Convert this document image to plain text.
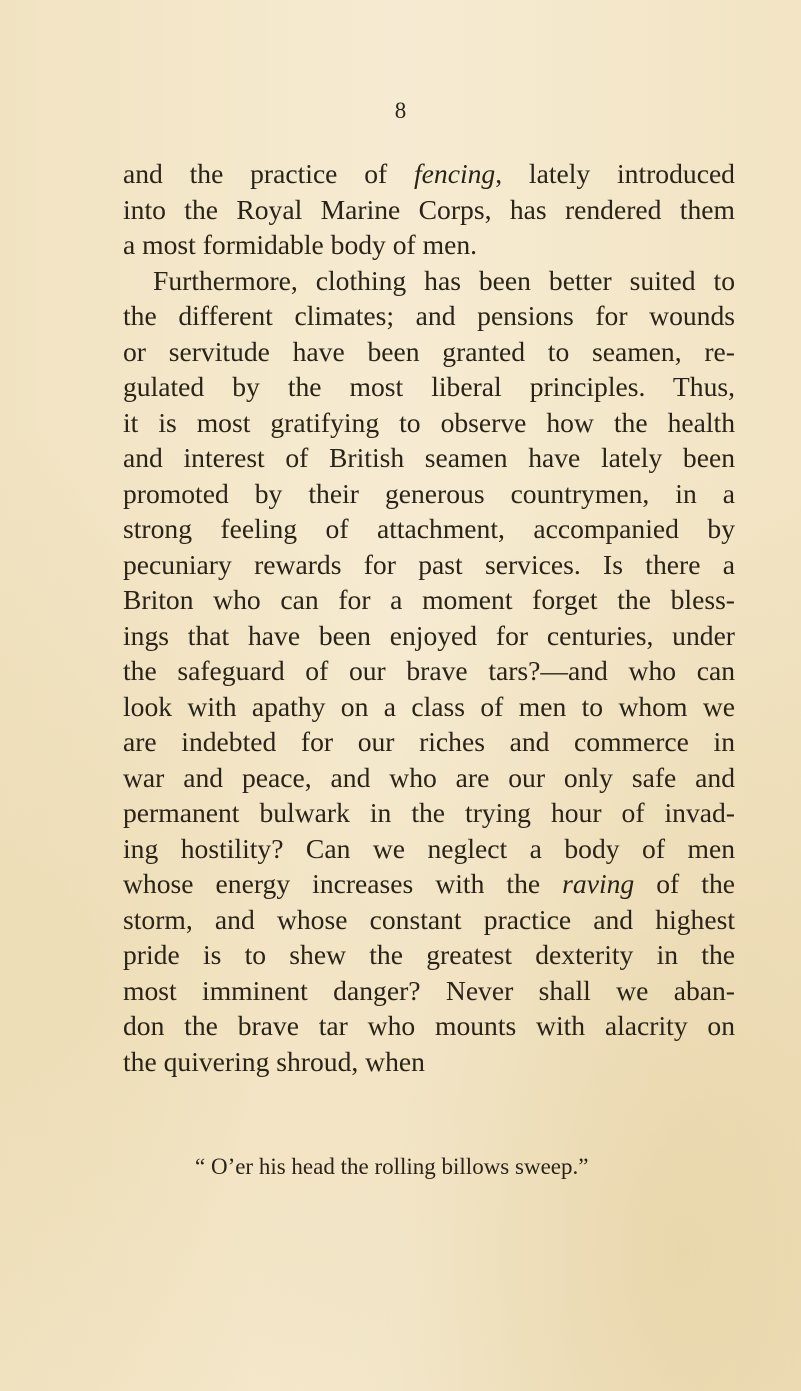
8
and the practice of fencing, lately introduced
into the Royal Marine Corps, has rendered them
a most formidable body of men.
Furthermore, clothing has been better suited to
the different climates; and pensions for wounds
or servitude have been granted to seamen, re-
gulated by the most liberal principles. Thus,
it is most gratifying to observe how the health
and interest of British seamen have lately been
promoted by their generous countrymen, in a
strong feeling of attachment, accompanied by
pecuniary rewards for past services. Is there a
Briton who can for a moment forget the bless-
ings that have been enjoyed for centuries, under
the safeguard of our brave tars?—and who can
look with apathy on a class of men to whom we
are indebted for our riches and commerce in
war and peace, and who are our only safe and
permanent bulwark in the trying hour of invad-
ing hostility? Can we neglect a body of men
whose energy increases with the raving of the
storm, and whose constant practice and highest
pride is to shew the greatest dexterity in the
most imminent danger? Never shall we aban-
don the brave tar who mounts with alacrity on
the quivering shroud, when
“ O’er his head the rolling billows sweep.”
